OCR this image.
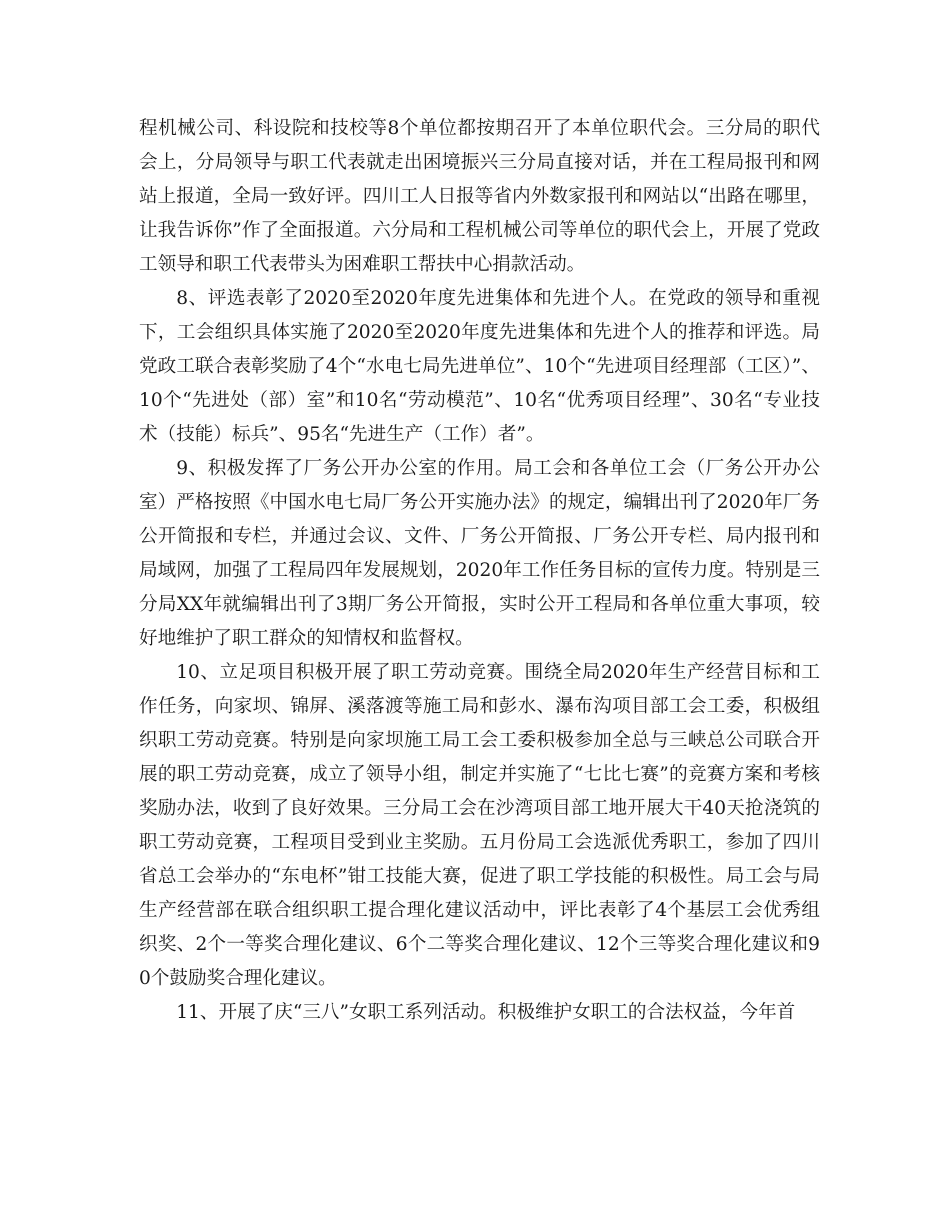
程机械公司、科设院和技校等8个单位都按期召开了本单位职代会。三分局的职代会上，分局领导与职工代表就走出困境振兴三分局直接对话，并在工程局报刊和网站上报道，全局一致好评。四川工人日报等省内外数家报刊和网站以“出路在哪里，让我告诉你”作了全面报道。六分局和工程机械公司等单位的职代会上，开展了党政工领导和职工代表带头为困难职工帮扶中心捐款活动。

8、评选表彰了2020至2020年度先进集体和先进个人。在党政的领导和重视下，工会组织具体实施了2020至2020年度先进集体和先进个人的推荐和评选。局党政工联合表彰奖励了4个“水电七局先进单位”、10个“先进项目经理部（工区）”、10个“先进处（部）室”和10名“劳动模范”、10名“优秀项目经理”、30名“专业技术（技能）标兵”、95名“先进生产（工作）者”。

9、积极发挥了厂务公开办公室的作用。局工会和各单位工会（厂务公开办公室）严格按照《中国水电七局厂务公开实施办法》的规定，编辑出刊了2020年厂务公开简报和专栏，并通过会议、文件、厂务公开简报、厂务公开专栏、局内报刊和局域网，加强了工程局四年发展规划，2020年工作任务目标的宣传力度。特别是三分局XX年就编辑出刊了3期厂务公开简报，实时公开工程局和各单位重大事项，较好地维护了职工群众的知情权和监督权。

10、立足项目积极开展了职工劳动竞赛。围绕全局2020年生产经营目标和工作任务，向家坝、锦屏、溪落渡等施工局和彭水、瀑布沟项目部工会工委，积极组织职工劳动竞赛。特别是向家坝施工局工会工委积极参加全总与三峡总公司联合开展的职工劳动竞赛，成立了领导小组，制定并实施了“七比七赛”的竞赛方案和考核奖励办法，收到了良好效果。三分局工会在沙湾项目部工地开展大干40天抢浇筑的职工劳动竞赛，工程项目受到业主奖励。五月份局工会选派优秀职工，参加了四川省总工会举办的“东电杯”钳工技能大赛，促进了职工学技能的积极性。局工会与局生产经营部在联合组织职工提合理化建议活动中，评比表彰了4个基层工会优秀组织奖、2个一等奖合理化建议、6个二等奖合理化建议、12个三等奖合理化建议和90个鼓励奖合理化建议。

11、开展了庆“三八”女职工系列活动。积极维护女职工的合法权益，今年首
